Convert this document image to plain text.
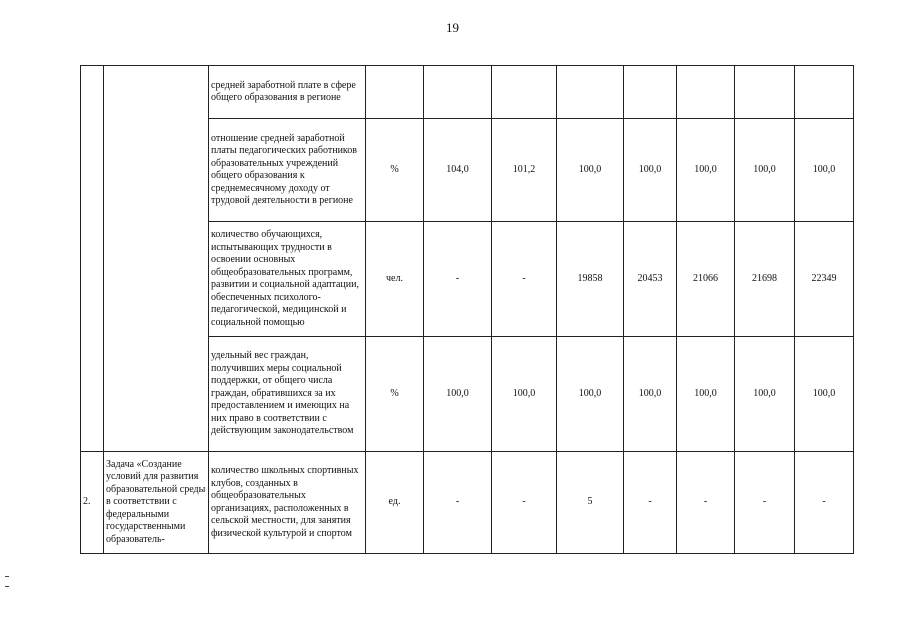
19
		средней заработной плате в сфере общего образования в регионе								
		отношение средней заработной платы педагогических работников образовательных учреждений общего образования к среднемесячному доходу от трудовой деятельности в регионе	%	104,0	101,2	100,0	100,0	100,0	100,0	100,0
		количество обучающихся, испытывающих трудности в освоении основных общеобразовательных программ, развитии и социальной адаптации, обеспеченных психолого-педагогической, медицинской и социальной помощью	чел.	-	-	19858	20453	21066	21698	22349
		удельный вес граждан, получивших меры социальной поддержки, от общего числа граждан, обратившихся за их предоставлением и имеющих на них право в соответствии с действующим законодательством	%	100,0	100,0	100,0	100,0	100,0	100,0	100,0
2.	Задача «Создание условий для развития образовательной среды в соответствии с федеральными государственными образователь-	количество школьных спортивных клубов, созданных в общеобразовательных организациях, расположенных в сельской местности, для занятия физической культурой и спортом	ед.	-	-	5	-	-	-	-
